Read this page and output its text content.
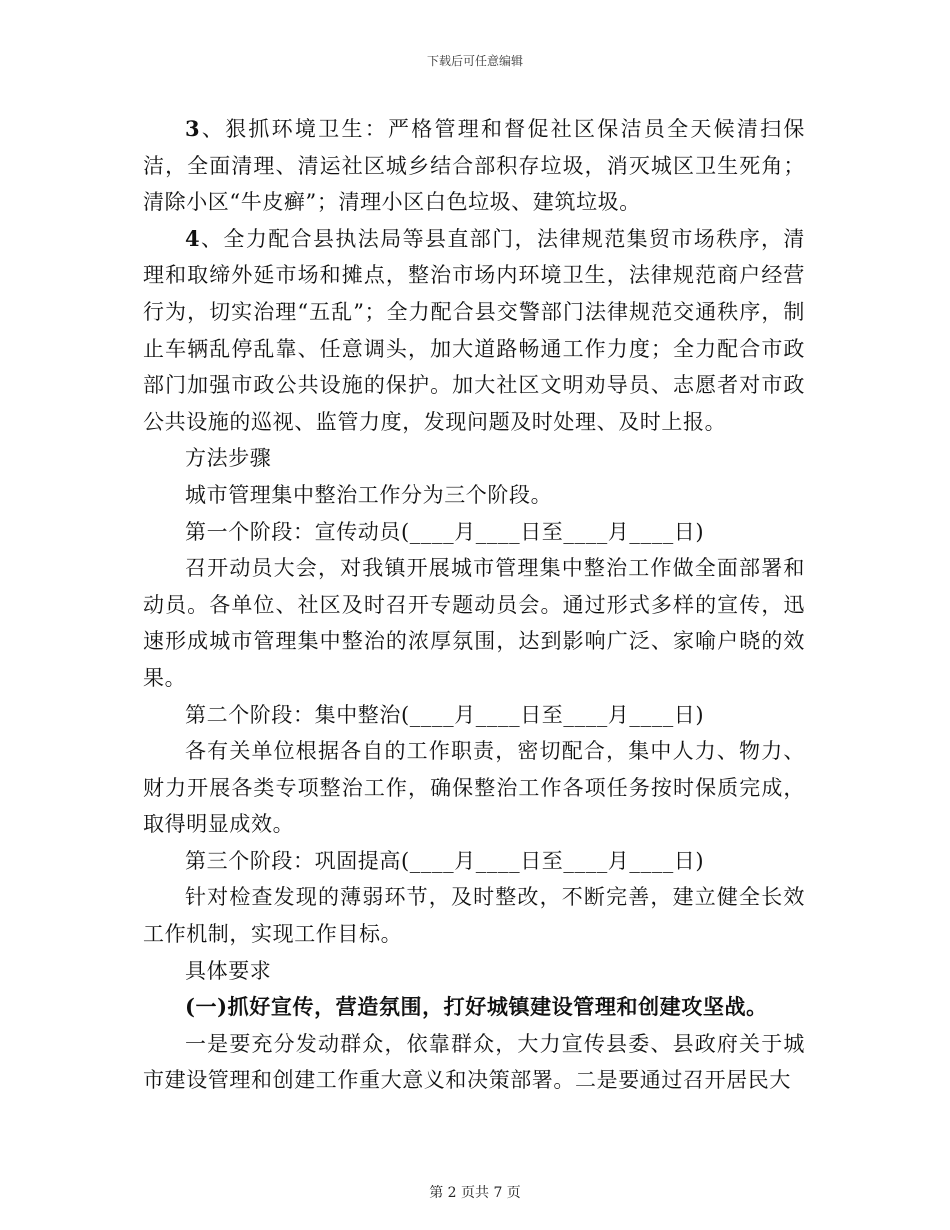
下载后可任意编辑

3、狠抓环境卫生：严格管理和督促社区保洁员全天候清扫保洁，全面清理、清运社区城乡结合部积存垃圾，消灭城区卫生死角；清除小区“牛皮癣”；清理小区白色垃圾、建筑垃圾。

4、全力配合县执法局等县直部门，法律规范集贸市场秩序，清理和取缔外延市场和摊点，整治市场内环境卫生，法律规范商户经营行为，切实治理“五乱”；全力配合县交警部门法律规范交通秩序，制止车辆乱停乱靠、任意调头，加大道路畅通工作力度；全力配合市政部门加强市政公共设施的保护。加大社区文明劝导员、志愿者对市政公共设施的巡视、监管力度，发现问题及时处理、及时上报。

方法步骤

城市管理集中整治工作分为三个阶段。

第一个阶段：宣传动员(____月____日至____月____日)

召开动员大会，对我镇开展城市管理集中整治工作做全面部署和动员。各单位、社区及时召开专题动员会。通过形式多样的宣传，迅速形成城市管理集中整治的浓厚氛围，达到影响广泛、家喻户晓的效果。

第二个阶段：集中整治(____月____日至____月____日)

各有关单位根据各自的工作职责，密切配合，集中人力、物力、财力开展各类专项整治工作，确保整治工作各项任务按时保质完成，取得明显成效。

第三个阶段：巩固提高(____月____日至____月____日)

针对检查发现的薄弱环节，及时整改，不断完善，建立健全长效工作机制，实现工作目标。

具体要求

(一)抓好宣传，营造氛围，打好城镇建设管理和创建攻坚战。

一是要充分发动群众，依靠群众，大力宣传县委、县政府关于城市建设管理和创建工作重大意义和决策部署。二是要通过召开居民大

第 2 页共 7 页
